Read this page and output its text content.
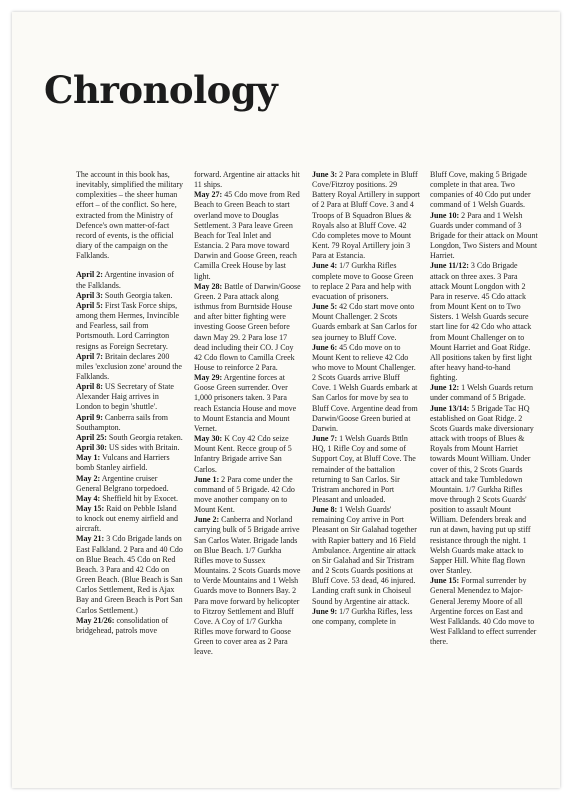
Chronology

The account in this book has, inevitably, simplified the military complexities – the sheer human effort – of the conflict. So here, extracted from the Ministry of Defence's own matter-of-fact record of events, is the official diary of the campaign on the Falklands.

April 2: Argentine invasion of the Falklands.

April 3: South Georgia taken.

April 5: First Task Force ships, among them Hermes, Invincible and Fearless, sail from Portsmouth. Lord Carrington resigns as Foreign Secretary.

April 7: Britain declares 200 miles 'exclusion zone' around the Falklands.

April 8: US Secretary of State Alexander Haig arrives in London to begin 'shuttle'.

April 9: Canberra sails from Southampton.

April 25: South Georgia retaken.

April 30: US sides with Britain.

May 1: Vulcans and Harriers bomb Stanley airfield.

May 2: Argentine cruiser General Belgrano torpedoed.

May 4: Sheffield hit by Exocet.

May 15: Raid on Pebble Island to knock out enemy airfield and aircraft.

May 21: 3 Cdo Brigade lands on East Falkland. 2 Para and 40 Cdo on Blue Beach. 45 Cdo on Red Beach. 3 Para and 42 Cdo on Green Beach. (Blue Beach is San Carlos Settlement, Red is Ajax Bay and Green Beach is Port San Carlos Settlement.)

May 21/26: consolidation of bridgehead, patrols move

forward. Argentine air attacks hit 11 ships.

May 27: 45 Cdo move from Red Beach to Green Beach to start overland move to Douglas Settlement. 3 Para leave Green Beach for Teal Inlet and Estancia. 2 Para move toward Darwin and Goose Green, reach Camilla Creek House by last light.

May 28: Battle of Darwin/Goose Green. 2 Para attack along isthmus from Burntside House and after bitter fighting were investing Goose Green before dawn May 29. 2 Para lose 17 dead including their CO. J Coy 42 Cdo flown to Camilla Creek House to reinforce 2 Para.

May 29: Argentine forces at Goose Green surrender. Over 1,000 prisoners taken. 3 Para reach Estancia House and move to Mount Estancia and Mount Vernet.

May 30: K Coy 42 Cdo seize Mount Kent. Recce group of 5 Infantry Brigade arrive San Carlos.

June 1: 2 Para come under the command of 5 Brigade. 42 Cdo move another company on to Mount Kent.

June 2: Canberra and Norland carrying bulk of 5 Brigade arrive San Carlos Water. Brigade lands on Blue Beach. 1/7 Gurkha Rifles move to Sussex Mountains. 2 Scots Guards move to Verde Mountains and 1 Welsh Guards move to Bonners Bay. 2 Para move forward by helicopter to Fitzroy Settlement and Bluff Cove. A Coy of 1/7 Gurkha Rifles move forward to Goose Green to cover area as 2 Para leave.

June 3: 2 Para complete in Bluff Cove/Fitzroy positions. 29 Battery Royal Artillery in support of 2 Para at Bluff Cove. 3 and 4 Troops of B Squadron Blues & Royals also at Bluff Cove. 42 Cdo completes move to Mount Kent. 79 Royal Artillery join 3 Para at Estancia.

June 4: 1/7 Gurkha Rifles complete move to Goose Green to replace 2 Para and help with evacuation of prisoners.

June 5: 42 Cdo start move onto Mount Challenger. 2 Scots Guards embark at San Carlos for sea journey to Bluff Cove.

June 6: 45 Cdo move on to Mount Kent to relieve 42 Cdo who move to Mount Challenger. 2 Scots Guards arrive Bluff Cove. 1 Welsh Guards embark at San Carlos for move by sea to Bluff Cove. Argentine dead from Darwin/Goose Green buried at Darwin.

June 7: 1 Welsh Guards Bttln HQ, 1 Rifle Coy and some of Support Coy, at Bluff Cove. The remainder of the battalion returning to San Carlos. Sir Tristram anchored in Port Pleasant and unloaded.

June 8: 1 Welsh Guards' remaining Coy arrive in Port Pleasant on Sir Galahad together with Rapier battery and 16 Field Ambulance. Argentine air attack on Sir Galahad and Sir Tristram and 2 Scots Guards positions at Bluff Cove. 53 dead, 46 injured. Landing craft sunk in Choiseul Sound by Argentine air attack.

June 9: 1/7 Gurkha Rifles, less one company, complete in

Bluff Cove, making 5 Brigade complete in that area. Two companies of 40 Cdo put under command of 1 Welsh Guards.

June 10: 2 Para and 1 Welsh Guards under command of 3 Brigade for their attack on Mount Longdon, Two Sisters and Mount Harriet.

June 11/12: 3 Cdo Brigade attack on three axes. 3 Para attack Mount Longdon with 2 Para in reserve. 45 Cdo attack from Mount Kent on to Two Sisters. 1 Welsh Guards secure start line for 42 Cdo who attack from Mount Challenger on to Mount Harriet and Goat Ridge. All positions taken by first light after heavy hand-to-hand fighting.

June 12: 1 Welsh Guards return under command of 5 Brigade.

June 13/14: 5 Brigade Tac HQ established on Goat Ridge. 2 Scots Guards make diversionary attack with troops of Blues & Royals from Mount Harriet towards Mount William. Under cover of this, 2 Scots Guards attack and take Tumbledown Mountain. 1/7 Gurkha Rifles move through 2 Scots Guards' position to assault Mount William. Defenders break and run at dawn, having put up stiff resistance through the night. 1 Welsh Guards make attack to Sapper Hill. White flag flown over Stanley.

June 15: Formal surrender by General Menendez to Major-General Jeremy Moore of all Argentine forces on East and West Falklands. 40 Cdo move to West Falkland to effect surrender there.
